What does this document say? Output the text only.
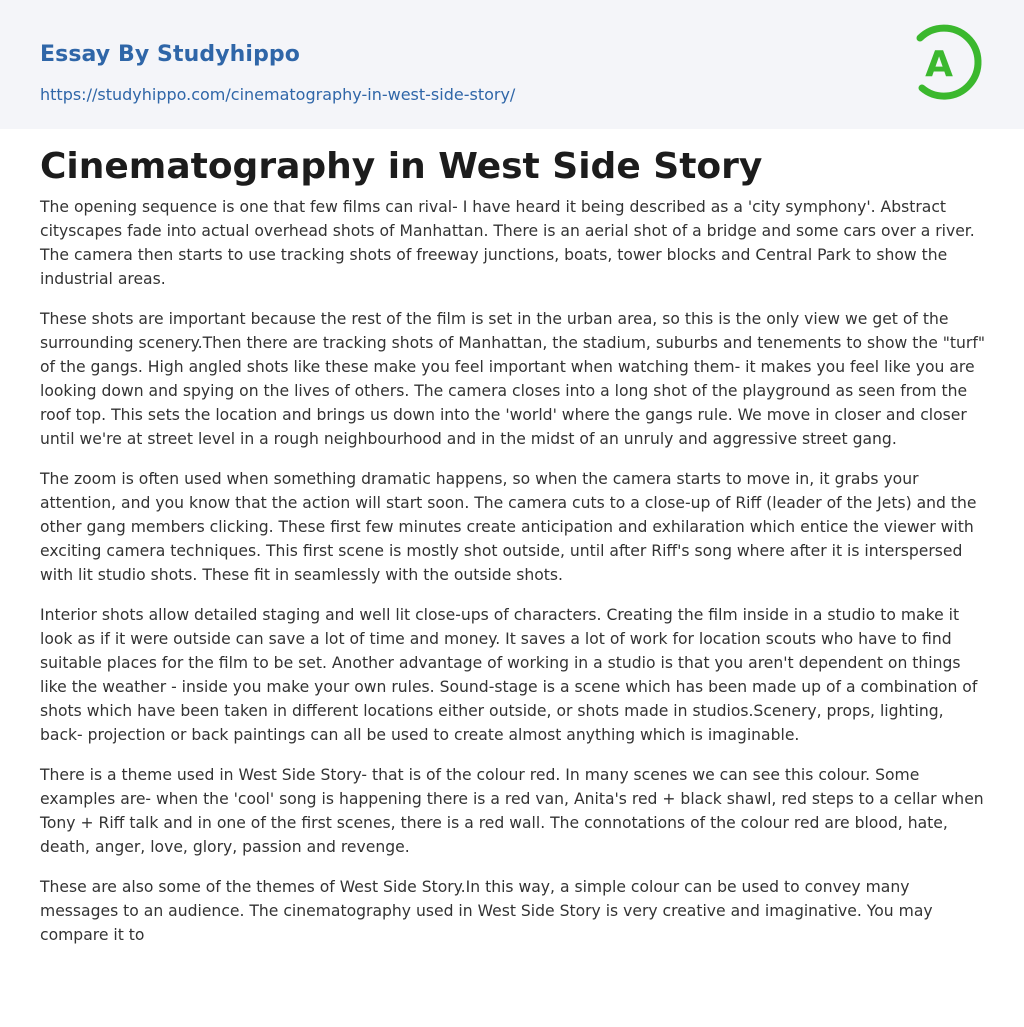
Essay By Studyhippo
https://studyhippo.com/cinematography-in-west-side-story/
A
Cinematography in West Side Story

The opening sequence is one that few films can rival- I have heard it being described as a 'city symphony'. Abstract cityscapes fade into actual overhead shots of Manhattan. There is an aerial shot of a bridge and some cars over a river. The camera then starts to use tracking shots of freeway junctions, boats, tower blocks and Central Park to show the industrial areas.

These shots are important because the rest of the film is set in the urban area, so this is the only view we get of the surrounding scenery.Then there are tracking shots of Manhattan, the stadium, suburbs and tenements to show the "turf" of the gangs. High angled shots like these make you feel important when watching them- it makes you feel like you are looking down and spying on the lives of others. The camera closes into a long shot of the playground as seen from the roof top. This sets the location and brings us down into the 'world' where the gangs rule. We move in closer and closer until we're at street level in a rough neighbourhood and in the midst of an unruly and aggressive street gang.

The zoom is often used when something dramatic happens, so when the camera starts to move in, it grabs your attention, and you know that the action will start soon. The camera cuts to a close-up of Riff (leader of the Jets) and the other gang members clicking. These first few minutes create anticipation and exhilaration which entice the viewer with exciting camera techniques. This first scene is mostly shot outside, until after Riff's song where after it is interspersed with lit studio shots. These fit in seamlessly with the outside shots.

Interior shots allow detailed staging and well lit close-ups of characters. Creating the film inside in a studio to make it look as if it were outside can save a lot of time and money. It saves a lot of work for location scouts who have to find suitable places for the film to be set. Another advantage of working in a studio is that you aren't dependent on things like the weather - inside you make your own rules. Sound-stage is a scene which has been made up of a combination of shots which have been taken in different locations either outside, or shots made in studios.Scenery, props, lighting, back- projection or back paintings can all be used to create almost anything which is imaginable.

There is a theme used in West Side Story- that is of the colour red. In many scenes we can see this colour. Some examples are- when the 'cool' song is happening there is a red van, Anita's red + black shawl, red steps to a cellar when Tony + Riff talk and in one of the first scenes, there is a red wall. The connotations of the colour red are blood, hate, death, anger, love, glory, passion and revenge.

These are also some of the themes of West Side Story.In this way, a simple colour can be used to convey many messages to an audience. The cinematography used in West Side Story is very creative and imaginative. You may compare it to
